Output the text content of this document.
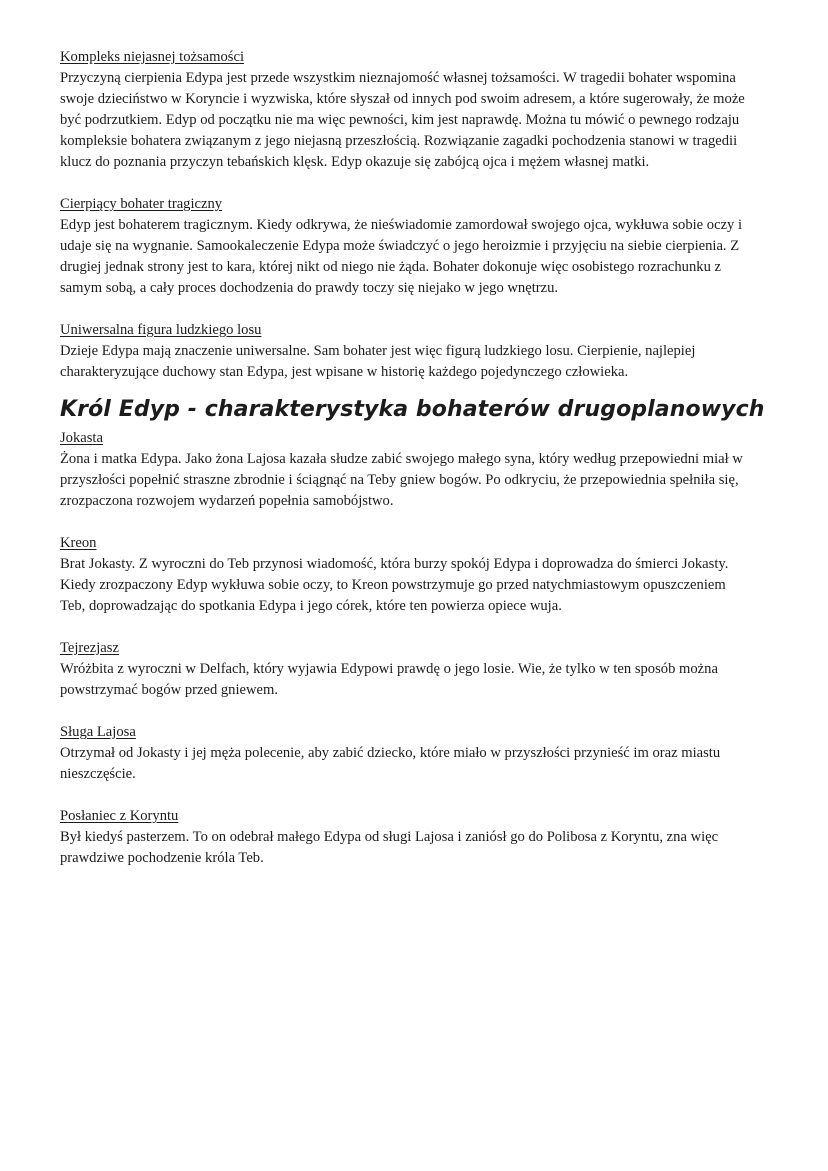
Kompleks niejasnej tożsamości
Przyczyną cierpienia Edypa jest przede wszystkim nieznajomość własnej tożsamości. W tragedii bohater wspomina
swoje dzieciństwo w Koryncie i wyzwiska, które słyszał od innych pod swoim adresem, a które sugerowały, że może
być podrzutkiem. Edyp od początku nie ma więc pewności, kim jest naprawdę. Można tu mówić o pewnego rodzaju
kompleksie bohatera związanym z jego niejasną przeszłością. Rozwiązanie zagadki pochodzenia stanowi w tragedii
klucz do poznania przyczyn tebańskich klęsk. Edyp okazuje się zabójcą ojca i mężem własnej matki.
Cierpiący bohater tragiczny
Edyp jest bohaterem tragicznym. Kiedy odkrywa, że nieświadomie zamordował swojego ojca, wykłuwa sobie oczy i
udaje się na wygnanie. Samookaleczenie Edypa może świadczyć o jego heroizmie i przyjęciu na siebie cierpienia. Z
drugiej jednak strony jest to kara, której nikt od niego nie żąda. Bohater dokonuje więc osobistego rozrachunku z
samym sobą, a cały proces dochodzenia do prawdy toczy się niejako w jego wnętrzu.
Uniwersalna figura ludzkiego losu
Dzieje Edypa mają znaczenie uniwersalne. Sam bohater jest więc figurą ludzkiego losu. Cierpienie, najlepiej
charakteryzujące duchowy stan Edypa, jest wpisane w historię każdego pojedynczego człowieka.
Król Edyp - charakterystyka bohaterów drugoplanowych
Jokasta
Żona i matka Edypa. Jako żona Lajosa kazała słudze zabić swojego małego syna, który według przepowiedni miał w
przyszłości popełnić straszne zbrodnie i ściągnąć na Teby gniew bogów. Po odkryciu, że przepowiednia spełniła się,
zrozpaczona rozwojem wydarzeń popełnia samobójstwo.
Kreon
Brat Jokasty. Z wyroczni do Teb przynosi wiadomość, która burzy spokój Edypa i doprowadza do śmierci Jokasty.
Kiedy zrozpaczony Edyp wykłuwa sobie oczy, to Kreon powstrzymuje go przed natychmiastowym opuszczeniem
Teb, doprowadzając do spotkania Edypa i jego córek, które ten powierza opiece wuja.
Tejrezjasz
Wróżbita z wyroczni w Delfach, który wyjawia Edypowi prawdę o jego losie. Wie, że tylko w ten sposób można
powstrzymać bogów przed gniewem.
Sługa Lajosa
Otrzymał od Jokasty i jej męża polecenie, aby zabić dziecko, które miało w przyszłości przynieść im oraz miastu
nieszczęście.
Posłaniec z Koryntu
Był kiedyś pasterzem. To on odebrał małego Edypa od sługi Lajosa i zaniósł go do Polibosa z Koryntu, zna więc
prawdziwe pochodzenie króla Teb.
